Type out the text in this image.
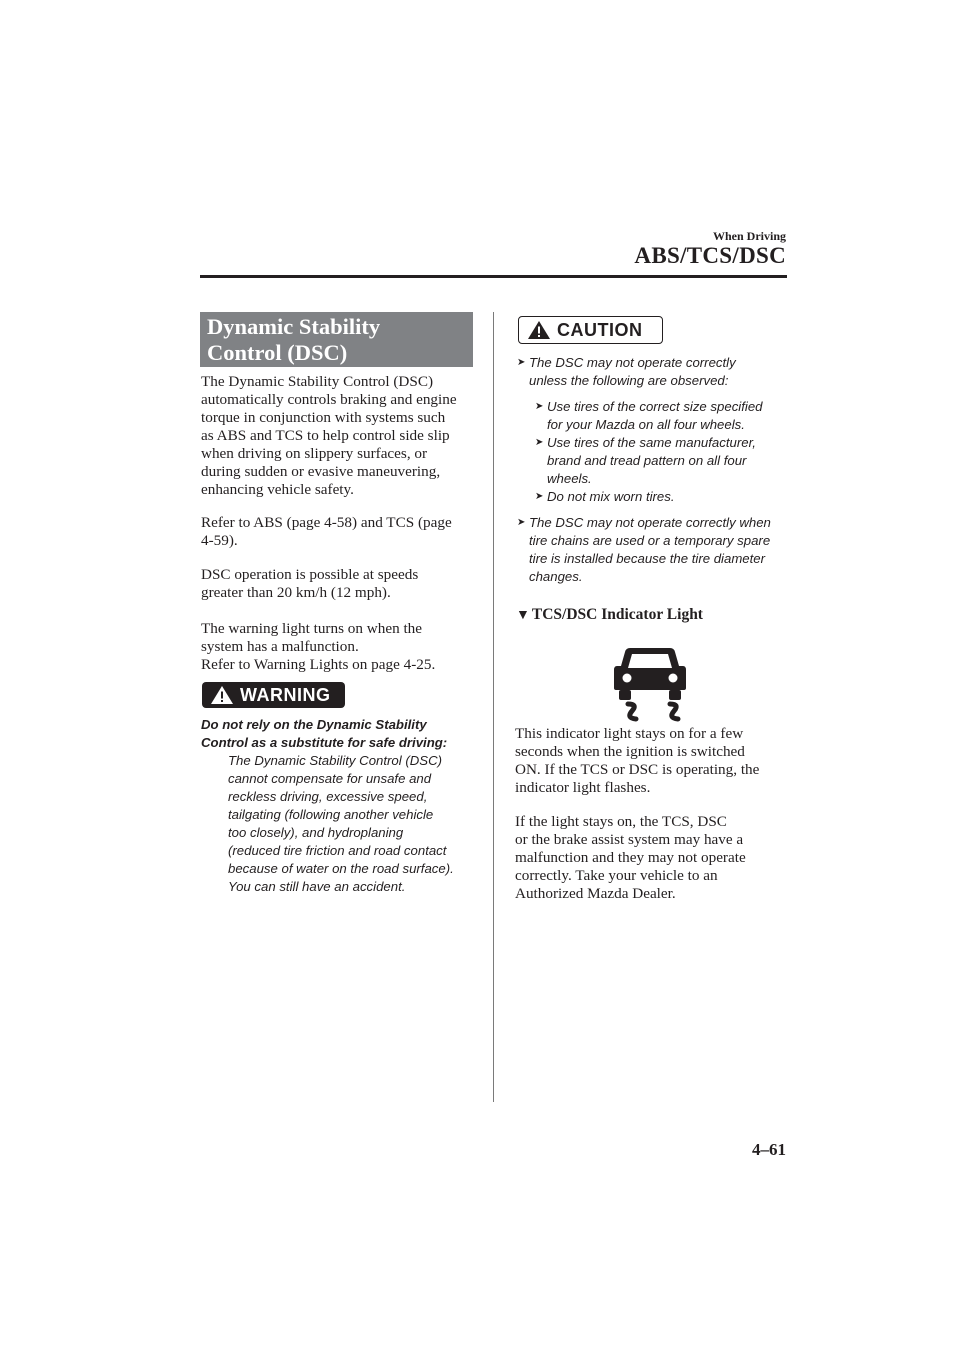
When Driving
ABS/TCS/DSC
Dynamic Stability
Control (DSC)
The Dynamic Stability Control (DSC)
automatically controls braking and engine
torque in conjunction with systems such
as ABS and TCS to help control side slip
when driving on slippery surfaces, or
during sudden or evasive maneuvering,
enhancing vehicle safety.
Refer to ABS (page 4-58) and TCS (page
4-59).
DSC operation is possible at speeds
greater than 20 km/h (12 mph).
The warning light turns on when the
system has a malfunction.
Refer to Warning Lights on page 4-25.
WARNING
Do not rely on the Dynamic Stability
Control as a substitute for safe driving:
The Dynamic Stability Control (DSC)
cannot compensate for unsafe and
reckless driving, excessive speed,
tailgating (following another vehicle
too closely), and hydroplaning
(reduced tire friction and road contact
because of water on the road surface).
You can still have an accident.
CAUTION
➤ The DSC may not operate correctly
unless the following are observed:
➤ Use tires of the correct size specified
for your Mazda on all four wheels.
➤ Use tires of the same manufacturer,
brand and tread pattern on all four
wheels.
➤ Do not mix worn tires.
➤ The DSC may not operate correctly when
tire chains are used or a temporary spare
tire is installed because the tire diameter
changes.
▼ TCS/DSC Indicator Light
This indicator light stays on for a few
seconds when the ignition is switched
ON. If the TCS or DSC is operating, the
indicator light flashes.
If the light stays on, the TCS, DSC
or the brake assist system may have a
malfunction and they may not operate
correctly. Take your vehicle to an
Authorized Mazda Dealer.
4–61
